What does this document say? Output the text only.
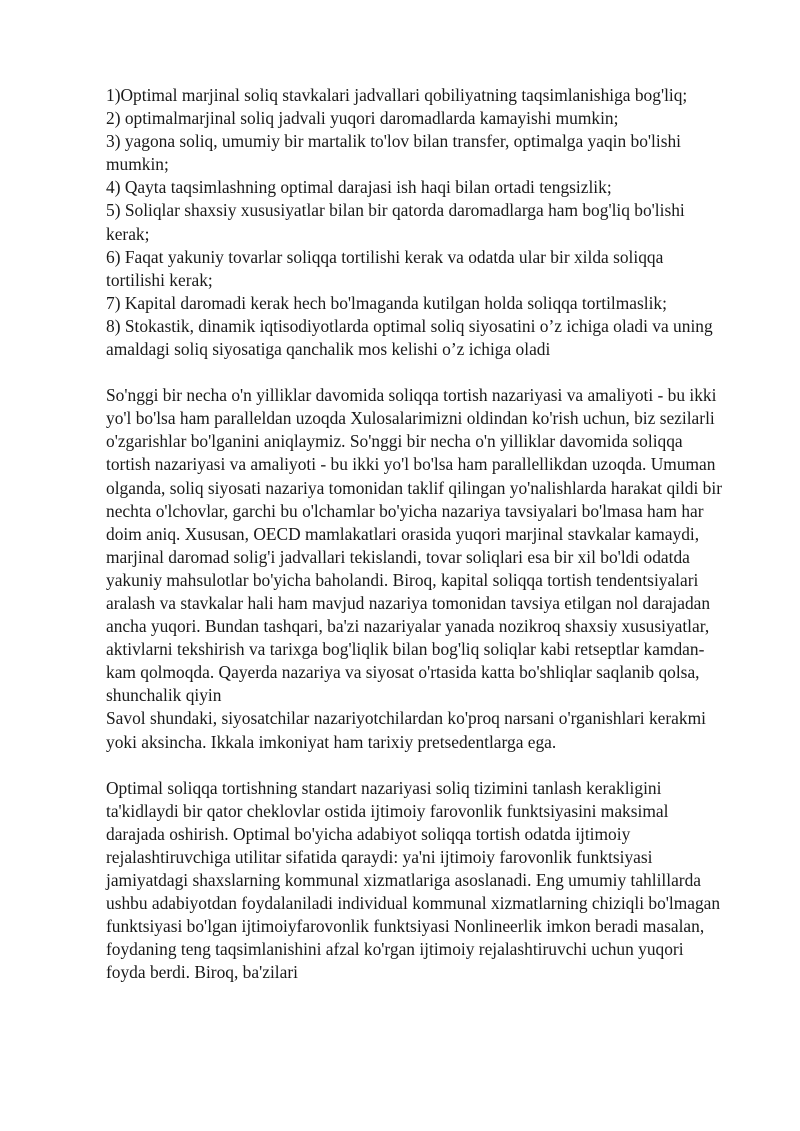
1)Optimal marjinal soliq stavkalari jadvallari qobiliyatning taqsimlanishiga bog'liq;

2) optimalmarjinal soliq jadvali yuqori daromadlarda kamayishi mumkin;

3) yagona soliq, umumiy bir martalik to'lov bilan transfer, optimalga yaqin bo'lishi mumkin;

4) Qayta taqsimlashning optimal darajasi ish haqi bilan ortadi tengsizlik;

5) Soliqlar shaxsiy xususiyatlar bilan bir qatorda daromadlarga ham bog'liq bo'lishi kerak;

6) Faqat yakuniy tovarlar soliqqa tortilishi kerak va odatda ular bir xilda soliqqa tortilishi kerak;

7) Kapital daromadi kerak hech bo'lmaganda kutilgan holda soliqqa tortilmaslik;

8) Stokastik, dinamik iqtisodiyotlarda optimal soliq siyosatini o’z ichiga oladi va uning amaldagi soliq siyosatiga qanchalik mos kelishi o’z ichiga oladi

So'nggi bir necha o'n yilliklar davomida soliqqa tortish nazariyasi va amaliyoti - bu ikki yo'l bo'lsa ham paralleldan uzoqda Xulosalarimizni oldindan ko'rish uchun, biz sezilarli o'zgarishlar bo'lganini aniqlaymiz. So'nggi bir necha o'n yilliklar davomida soliqqa tortish nazariyasi va amaliyoti - bu ikki yo'l bo'lsa ham parallellikdan uzoqda. Umuman olganda, soliq siyosati nazariya tomonidan taklif qilingan yo'nalishlarda harakat qildi bir nechta o'lchovlar, garchi bu o'lchamlar bo'yicha nazariya tavsiyalari bo'lmasa ham har doim aniq. Xususan, OECD mamlakatlari orasida yuqori marjinal stavkalar kamaydi, marjinal daromad solig'i jadvallari tekislandi, tovar soliqlari esa bir xil bo'ldi odatda yakuniy mahsulotlar bo'yicha baholandi. Biroq, kapital soliqqa tortish tendentsiyalari aralash va stavkalar hali ham mavjud nazariya tomonidan tavsiya etilgan nol darajadan ancha yuqori. Bundan tashqari, ba'zi nazariyalar yanada nozikroq shaxsiy xususiyatlar, aktivlarni tekshirish va tarixga bog'liqlik bilan bog'liq soliqlar kabi retseptlar kamdan-kam qolmoqda. Qayerda nazariya va siyosat o'rtasida katta bo'shliqlar saqlanib qolsa, shunchalik qiyin
Savol shundaki, siyosatchilar nazariyotchilardan ko'proq narsani o'rganishlari kerakmi yoki aksincha. Ikkala imkoniyat ham tarixiy pretsedentlarga ega.

Optimal soliqqa tortishning standart nazariyasi soliq tizimini tanlash kerakligini ta'kidlaydi bir qator cheklovlar ostida ijtimoiy farovonlik funktsiyasini maksimal darajada oshirish. Optimal bo'yicha adabiyot soliqqa tortish odatda ijtimoiy rejalashtiruvchiga utilitar sifatida qaraydi: ya'ni ijtimoiy farovonlik funktsiyasi jamiyatdagi shaxslarning kommunal xizmatlariga asoslanadi. Eng umumiy tahlillarda ushbu adabiyotdan foydalaniladi individual kommunal xizmatlarning chiziqli bo'lmagan funktsiyasi bo'lgan ijtimoiyfarovonlik funktsiyasi Nonlineerlik imkon beradi masalan, foydaning teng taqsimlanishini afzal ko'rgan ijtimoiy rejalashtiruvchi uchun yuqori foyda berdi. Biroq, ba'zilari
